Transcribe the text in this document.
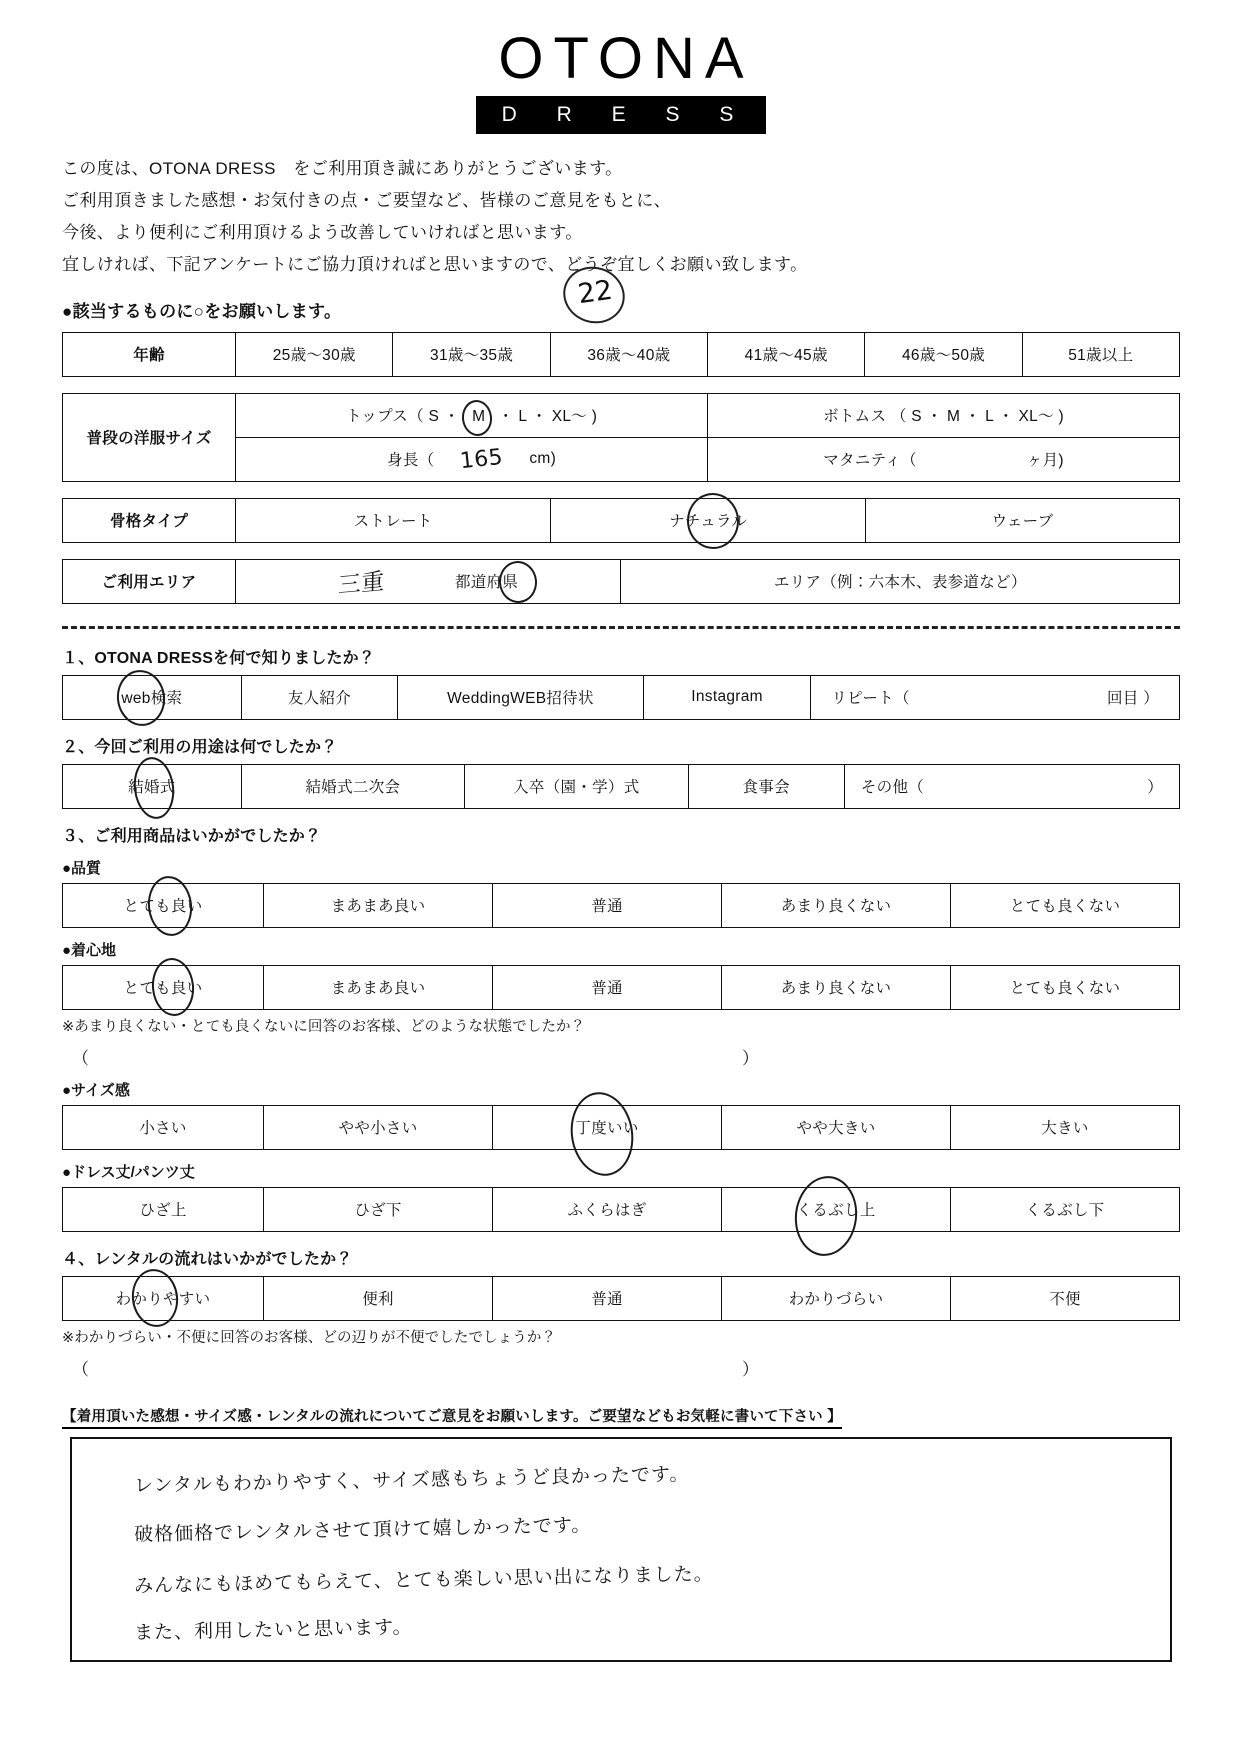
OTONA
D R E S S

この度は、OTONA DRESS　をご利用頂き誠にありがとうございます。

ご利用頂きました感想・お気付きの点・ご要望など、皆様のご意見をもとに、

今後、より便利にご利用頂けるよう改善していければと思います。

宜しければ、下記アンケートにご協力頂ければと思いますので、どうぞ宜しくお願い致します。

●該当するものに○をお願いします。
22
年齢	25歳～30歳	31歳～35歳	36歳～40歳	41歳～45歳	46歳～50歳	51歳以上
普段の洋服サイズ	トップス（ S ・ M ・ L ・ XL～ )	ボトムス （ S ・ M ・ L ・ XL～ )

	身長（ 165 cm)	マタニティ（ ヶ月)
骨格タイプ	ストレート	ナチュラル	ウェーブ
ご利用エリア	三重	都道府県	エリア（例：六本木、表参道など）
１、OTONA DRESSを何で知りましたか？
web検索	友人紹介	WeddingWEB招待状	Instagram	リピート（	回目 ）
２、今回ご利用の用途は何でしたか？
結婚式	結婚式二次会	入卒（園・学）式	食事会	その他（	）
３、ご利用商品はいかがでしたか？
●品質
とても良い	まあまあ良い	普通	あまり良くない	とても良くない
●着心地
とても良い	まあまあ良い	普通	あまり良くない	とても良くない
※あまり良くない・とても良くないに回答のお客様、どのような状態でしたか？
（	）
●サイズ感
小さい	やや小さい	丁度いい	やや大きい	大きい
●ドレス丈/パンツ丈
ひざ上	ひざ下	ふくらはぎ	くるぶし上	くるぶし下
４、レンタルの流れはいかがでしたか？
わかりやすい	便利	普通	わかりづらい	不便
※わかりづらい・不便に回答のお客様、どの辺りが不便でしたでしょうか？
（	）
【着用頂いた感想・サイズ感・レンタルの流れについてご意見をお願いします。ご要望などもお気軽に書いて下さい 】
レンタルもわかりやすく、サイズ感もちょうど良かったです。
破格価格でレンタルさせて頂けて嬉しかったです。
みんなにもほめてもらえて、とても楽しい思い出になりました。
また、利用したいと思います。
